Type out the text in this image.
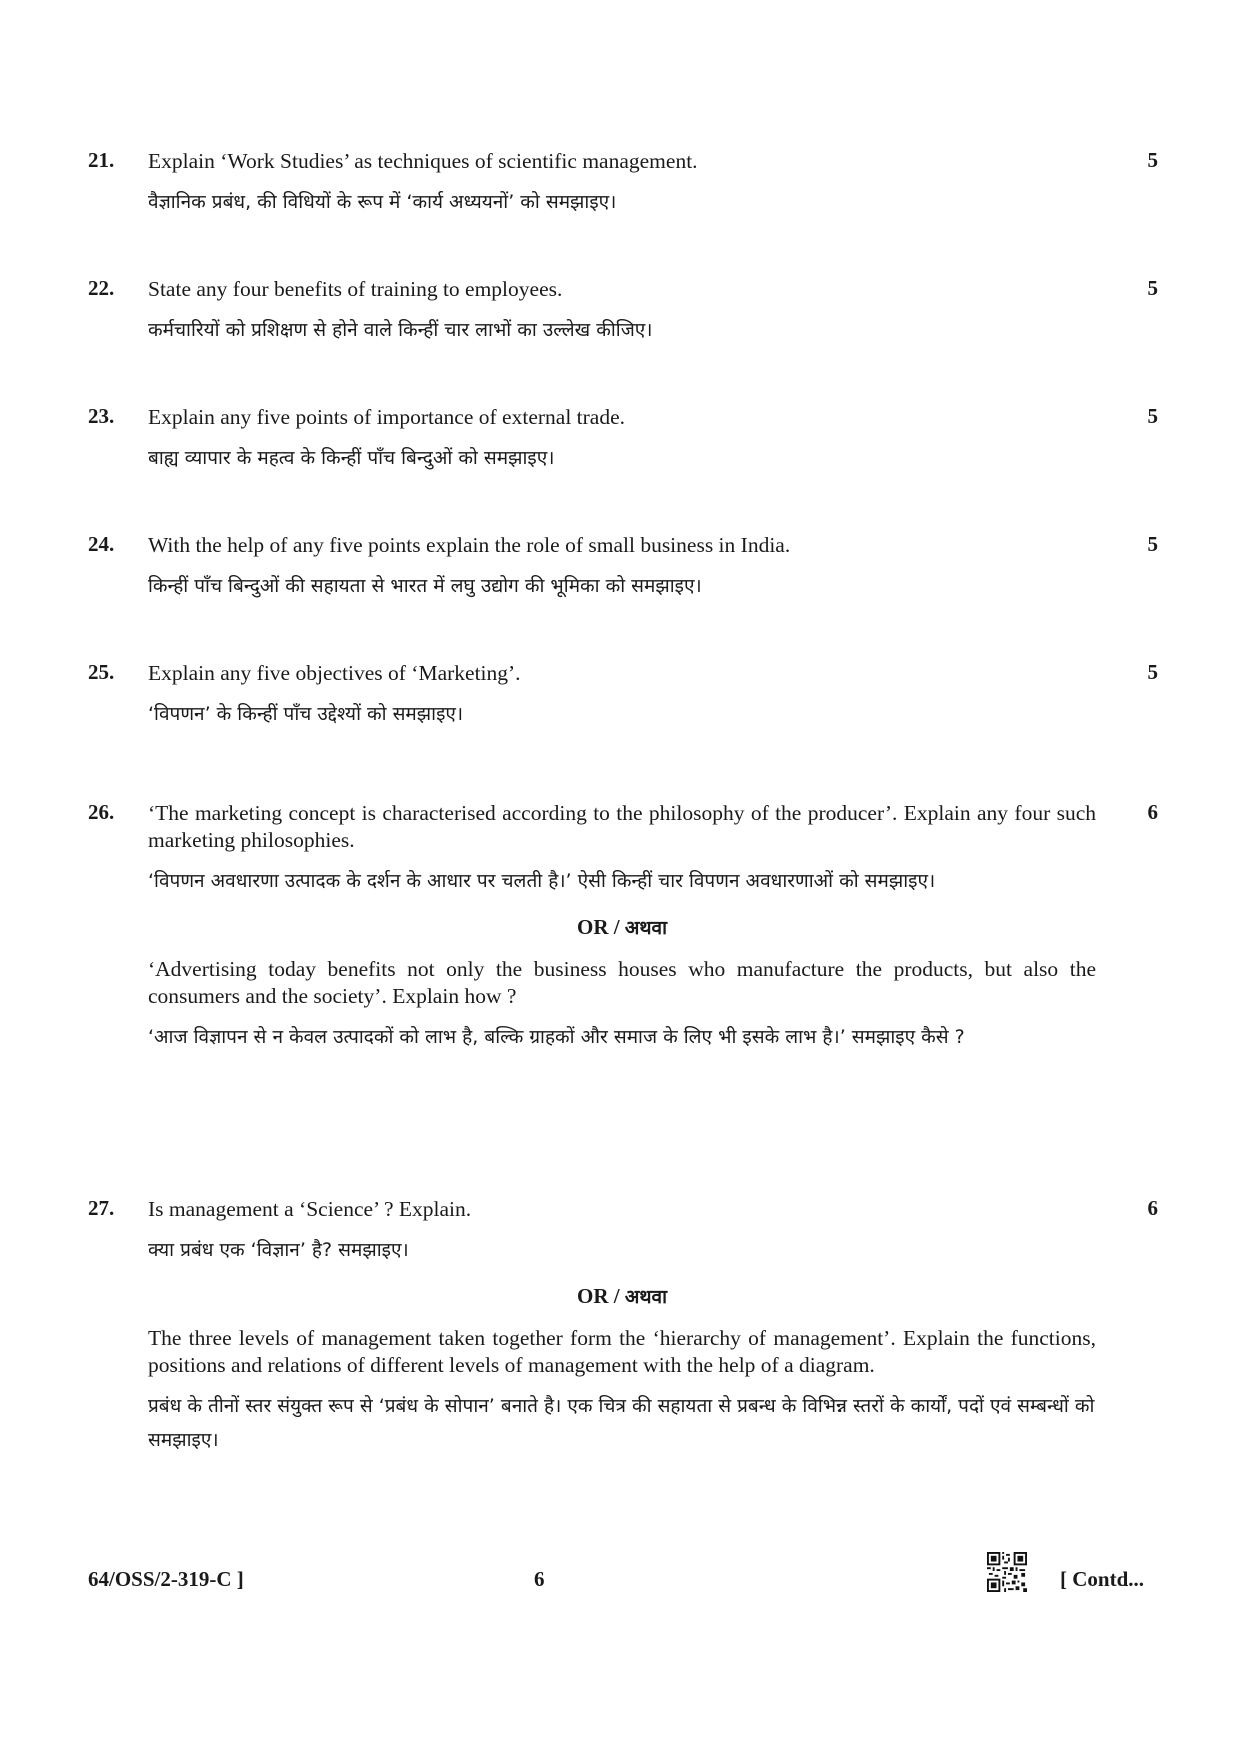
21.	5

Explain ‘Work Studies’ as techniques of scientific management.

वैज्ञानिक प्रबंध, की विधियों के रूप में ‘कार्य अध्ययनों’ को समझाइए।

22.	5

State any four benefits of training to employees.

कर्मचारियों को प्रशिक्षण से होने वाले किन्हीं चार लाभों का उल्लेख कीजिए।

23.	5

Explain any five points of importance of external trade.

बाह्य व्यापार के महत्व के किन्हीं पाँच बिन्दुओं को समझाइए।

24.	5

With the help of any five points explain the role of small business in India.

किन्हीं पाँच बिन्दुओं की सहायता से भारत में लघु उद्योग की भूमिका को समझाइए।

25.	5

Explain any five objectives of ‘Marketing’.

‘विपणन’ के किन्हीं पाँच उद्देश्यों को समझाइए।

26.	6

‘The marketing concept is characterised according to the philosophy of the producer’. Explain any four such marketing philosophies.

‘विपणन अवधारणा उत्पादक के दर्शन के आधार पर चलती है।’ ऐसी किन्हीं चार विपणन अवधारणाओं को समझाइए।

OR / अथवा

‘Advertising today benefits not only the business houses who manufacture the products, but also the consumers and the society’. Explain how ?

‘आज विज्ञापन से न केवल उत्पादकों को लाभ है, बल्कि ग्राहकों और समाज के लिए भी इसके लाभ है।’ समझाइए कैसे ?

27.	6

Is management a ‘Science’ ? Explain.

क्या प्रबंध एक ‘विज्ञान’ है? समझाइए।

OR / अथवा

The three levels of management taken together form the ‘hierarchy of management’. Explain the functions, positions and relations of different levels of management with the help of a diagram.

प्रबंध के तीनों स्तर संयुक्त रूप से ‘प्रबंध के सोपान’ बनाते है। एक चित्र की सहायता से प्रबन्ध के विभिन्न स्तरों के कार्यों, पदों एवं सम्बन्धों को समझाइए।

64/OSS/2-319-C ]	6	[ Contd...
